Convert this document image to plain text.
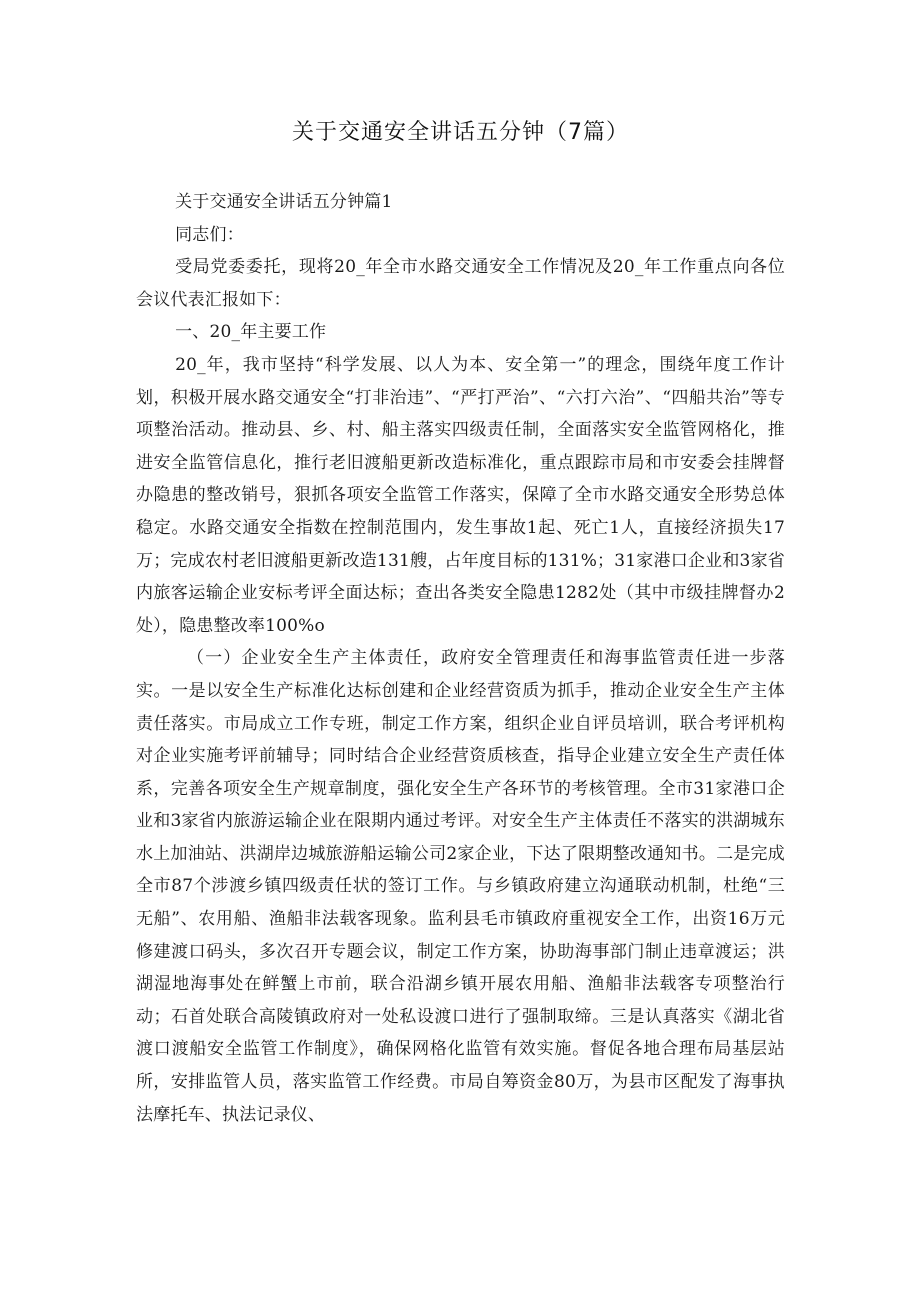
关于交通安全讲话五分钟（7篇）

关于交通安全讲话五分钟篇1

同志们：

受局党委委托，现将20_年全市水路交通安全工作情况及20_年工作重点向各位会议代表汇报如下：

一、20_年主要工作

20_年，我市坚持“科学发展、以人为本、安全第一”的理念，围绕年度工作计划，积极开展水路交通安全“打非治违”、“严打严治”、“六打六治”、“四船共治”等专项整治活动。推动县、乡、村、船主落实四级责任制，全面落实安全监管网格化，推进安全监管信息化，推行老旧渡船更新改造标准化，重点跟踪市局和市安委会挂牌督办隐患的整改销号，狠抓各项安全监管工作落实，保障了全市水路交通安全形势总体稳定。水路交通安全指数在控制范围内，发生事故1起、死亡1人，直接经济损失17万；完成农村老旧渡船更新改造131艘，占年度目标的131%；31家港口企业和3家省内旅客运输企业安标考评全面达标；查出各类安全隐患1282处（其中市级挂牌督办2处），隐患整改率100%o

（一）企业安全生产主体责任，政府安全管理责任和海事监管责任进一步落实。一是以安全生产标准化达标创建和企业经营资质为抓手，推动企业安全生产主体责任落实。市局成立工作专班，制定工作方案，组织企业自评员培训，联合考评机构对企业实施考评前辅导；同时结合企业经营资质核查，指导企业建立安全生产责任体系，完善各项安全生产规章制度，强化安全生产各环节的考核管理。全市31家港口企业和3家省内旅游运输企业在限期内通过考评。对安全生产主体责任不落实的洪湖城东水上加油站、洪湖岸边城旅游船运输公司2家企业，下达了限期整改通知书。二是完成全市87个涉渡乡镇四级责任状的签订工作。与乡镇政府建立沟通联动机制，杜绝“三无船”、农用船、渔船非法载客现象。监利县毛市镇政府重视安全工作，出资16万元修建渡口码头，多次召开专题会议，制定工作方案，协助海事部门制止违章渡运；洪湖湿地海事处在鲜蟹上市前，联合沿湖乡镇开展农用船、渔船非法载客专项整治行动；石首处联合高陵镇政府对一处私设渡口进行了强制取缔。三是认真落实《湖北省渡口渡船安全监管工作制度》，确保网格化监管有效实施。督促各地合理布局基层站所，安排监管人员，落实监管工作经费。市局自筹资金80万，为县市区配发了海事执法摩托车、执法记录仪、
